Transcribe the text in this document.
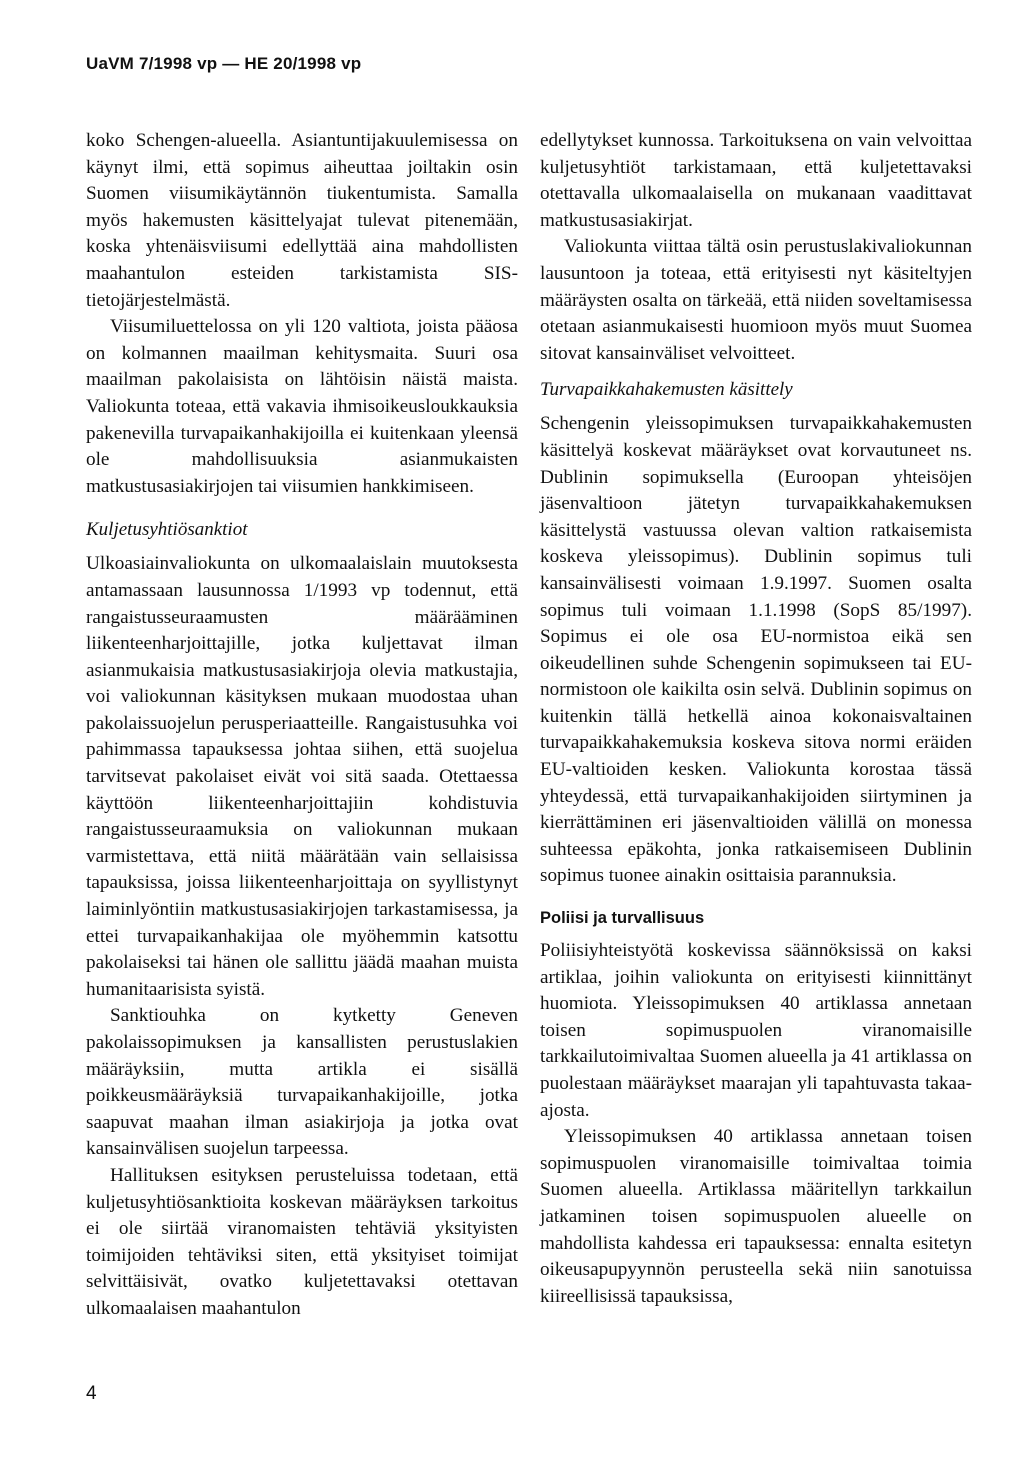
UaVM 7/1998 vp — HE 20/1998 vp

koko Schengen-alueella. Asiantuntijakuulemisessa on käynyt ilmi, että sopimus aiheuttaa joiltakin osin Suomen viisumikäytännön tiukentumista. Samalla myös hakemusten käsittelyajat tulevat pitenemään, koska yhtenäisviisumi edellyttää aina mahdollisten maahantulon esteiden tarkistamista SIS-tietojärjestelmästä.

Viisumiluettelossa on yli 120 valtiota, joista pääosa on kolmannen maailman kehitysmaita. Suuri osa maailman pakolaisista on lähtöisin näistä maista. Valiokunta toteaa, että vakavia ihmisoikeusloukkauksia pakenevilla turvapaikanhakijoilla ei kuitenkaan yleensä ole mahdollisuuksia asianmukaisten matkustusasiakirjojen tai viisumien hankkimiseen.

Kuljetusyhtiösanktiot

Ulkoasiainvaliokunta on ulkomaalaislain muutoksesta antamassaan lausunnossa 1/1993 vp todennut, että rangaistusseuraamusten määrääminen liikenteenharjoittajille, jotka kuljettavat ilman asianmukaisia matkustusasiakirjoja olevia matkustajia, voi valiokunnan käsityksen mukaan muodostaa uhan pakolaissuojelun perusperiaatteille. Rangaistusuhka voi pahimmassa tapauksessa johtaa siihen, että suojelua tarvitsevat pakolaiset eivät voi sitä saada. Otettaessa käyttöön liikenteenharjoittajiin kohdistuvia rangaistusseuraamuksia on valiokunnan mukaan varmistettava, että niitä määrätään vain sellaisissa tapauksissa, joissa liikenteenharjoittaja on syyllistynyt laiminlyöntiin matkustusasiakirjojen tarkastamisessa, ja ettei turvapaikanhakijaa ole myöhemmin katsottu pakolaiseksi tai hänen ole sallittu jäädä maahan muista humanitaarisista syistä.

Sanktiouhka on kytketty Geneven pakolaissopimuksen ja kansallisten perustuslakien määräyksiin, mutta artikla ei sisällä poikkeusmääräyksiä turvapaikanhakijoille, jotka saapuvat maahan ilman asiakirjoja ja jotka ovat kansainvälisen suojelun tarpeessa.

Hallituksen esityksen perusteluissa todetaan, että kuljetusyhtiösanktioita koskevan määräyksen tarkoitus ei ole siirtää viranomaisten tehtäviä yksityisten toimijoiden tehtäviksi siten, että yksityiset toimijat selvittäisivät, ovatko kuljetettavaksi otettavan ulkomaalaisen maahantulon

edellytykset kunnossa. Tarkoituksena on vain velvoittaa kuljetusyhtiöt tarkistamaan, että kuljetettavaksi otettavalla ulkomaalaisella on mukanaan vaadittavat matkustusasiakirjat.

Valiokunta viittaa tältä osin perustuslakivaliokunnan lausuntoon ja toteaa, että erityisesti nyt käsiteltyjen määräysten osalta on tärkeää, että niiden soveltamisessa otetaan asianmukaisesti huomioon myös muut Suomea sitovat kansainväliset velvoitteet.

Turvapaikkahakemusten käsittely

Schengenin yleissopimuksen turvapaikkahakemusten käsittelyä koskevat määräykset ovat korvautuneet ns. Dublinin sopimuksella (Euroopan yhteisöjen jäsenvaltioon jätetyn turvapaikkahakemuksen käsittelystä vastuussa olevan valtion ratkaisemista koskeva yleissopimus). Dublinin sopimus tuli kansainvälisesti voimaan 1.9.1997. Suomen osalta sopimus tuli voimaan 1.1.1998 (SopS 85/1997). Sopimus ei ole osa EU-normistoa eikä sen oikeudellinen suhde Schengenin sopimukseen tai EU-normistoon ole kaikilta osin selvä. Dublinin sopimus on kuitenkin tällä hetkellä ainoa kokonaisvaltainen turvapaikkahakemuksia koskeva sitova normi eräiden EU-valtioiden kesken. Valiokunta korostaa tässä yhteydessä, että turvapaikanhakijoiden siirtyminen ja kierrättäminen eri jäsenvaltioiden välillä on monessa suhteessa epäkohta, jonka ratkaisemiseen Dublinin sopimus tuonee ainakin osittaisia parannuksia.

Poliisi ja turvallisuus

Poliisiyhteistyötä koskevissa säännöksissä on kaksi artiklaa, joihin valiokunta on erityisesti kiinnittänyt huomiota. Yleissopimuksen 40 artiklassa annetaan toisen sopimuspuolen viranomaisille tarkkailutoimivaltaa Suomen alueella ja 41 artiklassa on puolestaan määräykset maarajan yli tapahtuvasta takaa-ajosta.

Yleissopimuksen 40 artiklassa annetaan toisen sopimuspuolen viranomaisille toimivaltaa toimia Suomen alueella. Artiklassa määritellyn tarkkailun jatkaminen toisen sopimuspuolen alueelle on mahdollista kahdessa eri tapauksessa: ennalta esitetyn oikeusapupyynnön perusteella sekä niin sanotuissa kiireellisissä tapauksissa,

4
